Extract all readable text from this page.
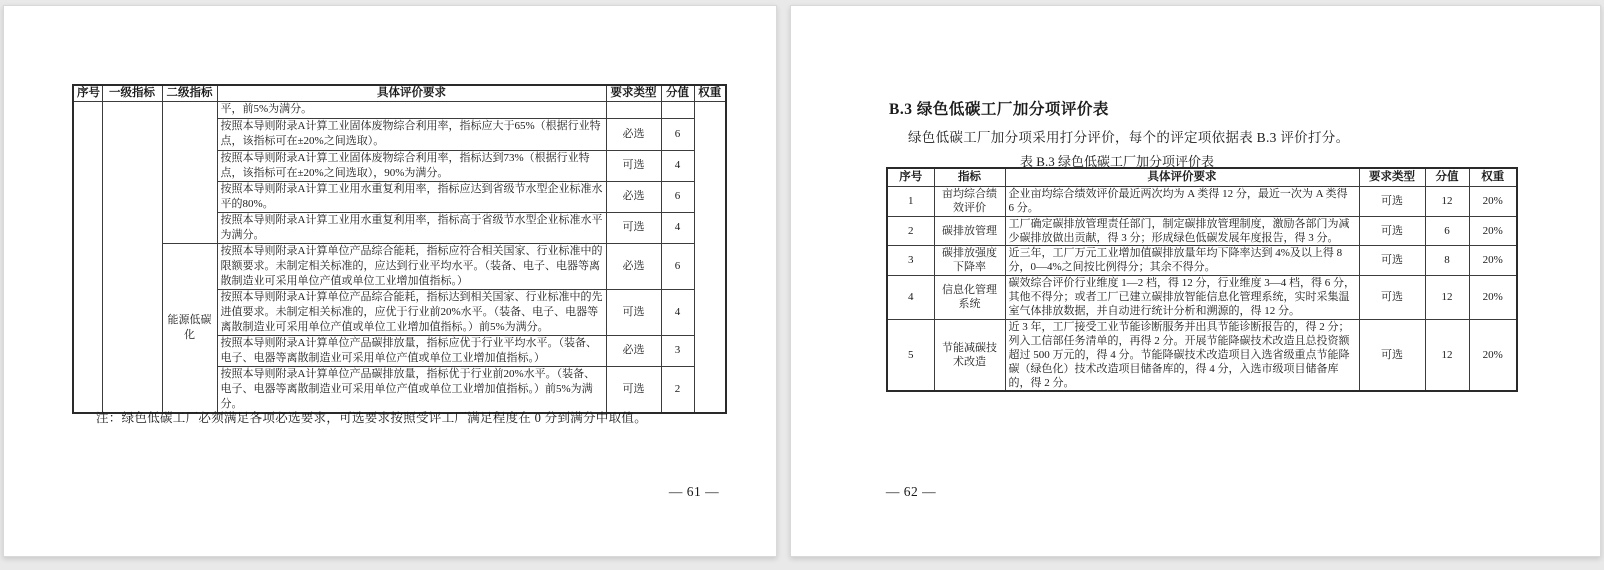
序号	一级指标	二级指标	具体评价要求	要求类型	分值	权重
			平，前5%为满分。			
			按照本导则附录A计算工业固体废物综合利用率，指标应大于65%（根据行业特点，该指标可在±20%之间选取）。	必选	6	
			按照本导则附录A计算工业固体废物综合利用率，指标达到73%（根据行业特点，该指标可在±20%之间选取），90%为满分。	可选	4	
			按照本导则附录A计算工业用水重复利用率，指标应达到省级节水型企业标准水平的80%。	必选	6	
			按照本导则附录A计算工业用水重复利用率，指标高于省级节水型企业标准水平为满分。	可选	4	
		能源低碳化	按照本导则附录A计算单位产品综合能耗，指标应符合相关国家、行业标准中的限额要求。未制定相关标准的，应达到行业平均水平。（装备、电子、电器等离散制造业可采用单位产值或单位工业增加值指标。）	必选	6	
			按照本导则附录A计算单位产品综合能耗，指标达到相关国家、行业标准中的先进值要求。未制定相关标准的，应优于行业前20%水平。（装备、电子、电器等离散制造业可采用单位产值或单位工业增加值指标。）前5%为满分。	可选	4	
			按照本导则附录A计算单位产品碳排放量，指标应优于行业平均水平。（装备、电子、电器等离散制造业可采用单位产值或单位工业增加值指标。）	必选	3	
			按照本导则附录A计算单位产品碳排放量，指标优于行业前20%水平。（装备、电子、电器等离散制造业可采用单位产值或单位工业增加值指标。）前5%为满分。	可选	2	
注：绿色低碳工厂必须满足各项必选要求，可选要求按照受评工厂满足程度在 0 分到满分中取值。
— 61 —
B.3 绿色低碳工厂加分项评价表
绿色低碳工厂加分项采用打分评价，每个的评定项依据表 B.3 评价打分。
表 B.3 绿色低碳工厂加分项评价表
序号	指标	具体评价要求	要求类型	分值	权重
1	亩均综合绩效评价	企业亩均综合绩效评价最近两次均为 A 类得 12 分，最近一次为 A 类得 6 分。	可选	12	20%
2	碳排放管理	工厂确定碳排放管理责任部门，制定碳排放管理制度，激励各部门为减少碳排放做出贡献，得 3 分；形成绿色低碳发展年度报告，得 3 分。	可选	6	20%
3	碳排放强度下降率	近三年，工厂万元工业增加值碳排放量年均下降率达到 4%及以上得 8 分，0—4%之间按比例得分；其余不得分。	可选	8	20%
4	信息化管理系统	碳效综合评价行业维度 1—2 档，得 12 分，行业维度 3—4 档，得 6 分，其他不得分；或者工厂已建立碳排放智能信息化管理系统，实时采集温室气体排放数据，并自动进行统计分析和溯源的，得 12 分。	可选	12	20%
5	节能减碳技术改造	近 3 年，工厂接受工业节能诊断服务并出具节能诊断报告的，得 2 分；列入工信部任务清单的，再得 2 分。开展节能降碳技术改造且总投资额超过 500 万元的，得 4 分。节能降碳技术改造项目入选省级重点节能降碳（绿色化）技术改造项目储备库的，得 4 分，入选市级项目储备库的，得 2 分。	可选	12	20%
— 62 —
